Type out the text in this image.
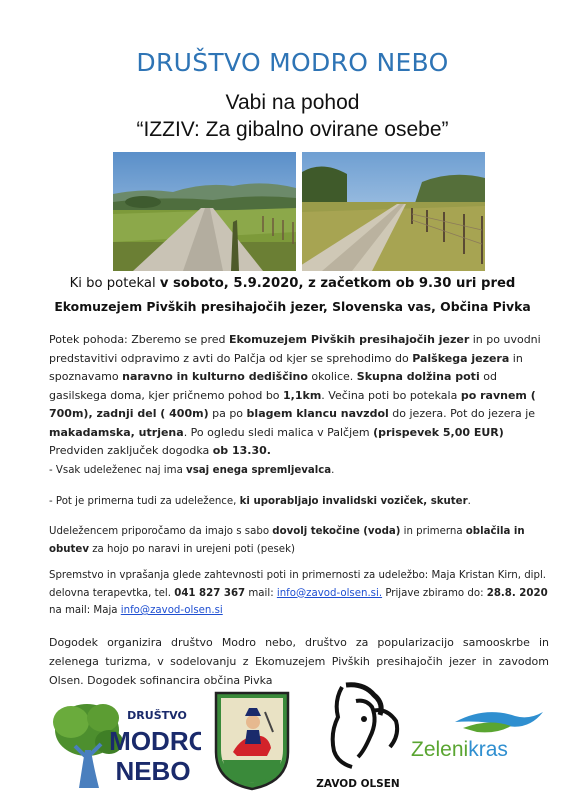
DRUŠTVO MODRO NEBO
Vabi na pohod
“IZZIV: Za gibalno ovirane osebe”
Ki bo potekal v soboto, 5.9.2020, z začetkom ob 9.30 uri pred
Ekomuzejem Pivških presihajočih jezer, Slovenska vas, Občina Pivka
Potek pohoda: Zberemo se pred Ekomuzejem Pivških presihajočih jezer in po uvodni predstavitivi odpravimo z avti do Palčja od kjer se sprehodimo do Palškega jezera in spoznavamo naravno in kulturno dediščino okolice. Skupna dolžina poti od gasilskega doma, kjer pričnemo pohod bo 1,1km. Večina poti bo potekala po ravnem ( 700m), zadnji del ( 400m) pa po blagem klancu navzdol do jezera. Pot do jezera je makadamska, utrjena. Po ogledu sledi malica v Palčjem (prispevek 5,00 EUR) Predviden zaključek dogodka ob 13.30.
- Vsak udeleženec naj ima vsaj enega spremljevalca.
- Pot je primerna tudi za udeležence, ki uporabljajo invalidski voziček, skuter.
Udeležencem priporočamo da imajo s sabo dovolj tekočine (voda) in primerna oblačila in obutev za hojo po naravi in urejeni poti (pesek)
Spremstvo in vprašanja glede zahtevnosti poti in primernosti za udeležbo: Maja Kristan Kirn, dipl. delovna terapevtka, tel. 041 827 367 mail: info@zavod-olsen.si. Prijave zbiramo do: 28.8. 2020 na mail: Maja info@zavod-olsen.si
Dogodek organizira društvo Modro nebo, društvo za popularizacijo samooskrbe in zelenega turizma, v sodelovanju z Ekomuzejem Pivških presihajočih jezer in zavodom Olsen. Dogodek sofinancira občina Pivka
DRUŠTVO
MODRO
NEBO	ZAVOD OLSEN
Zelenikras
